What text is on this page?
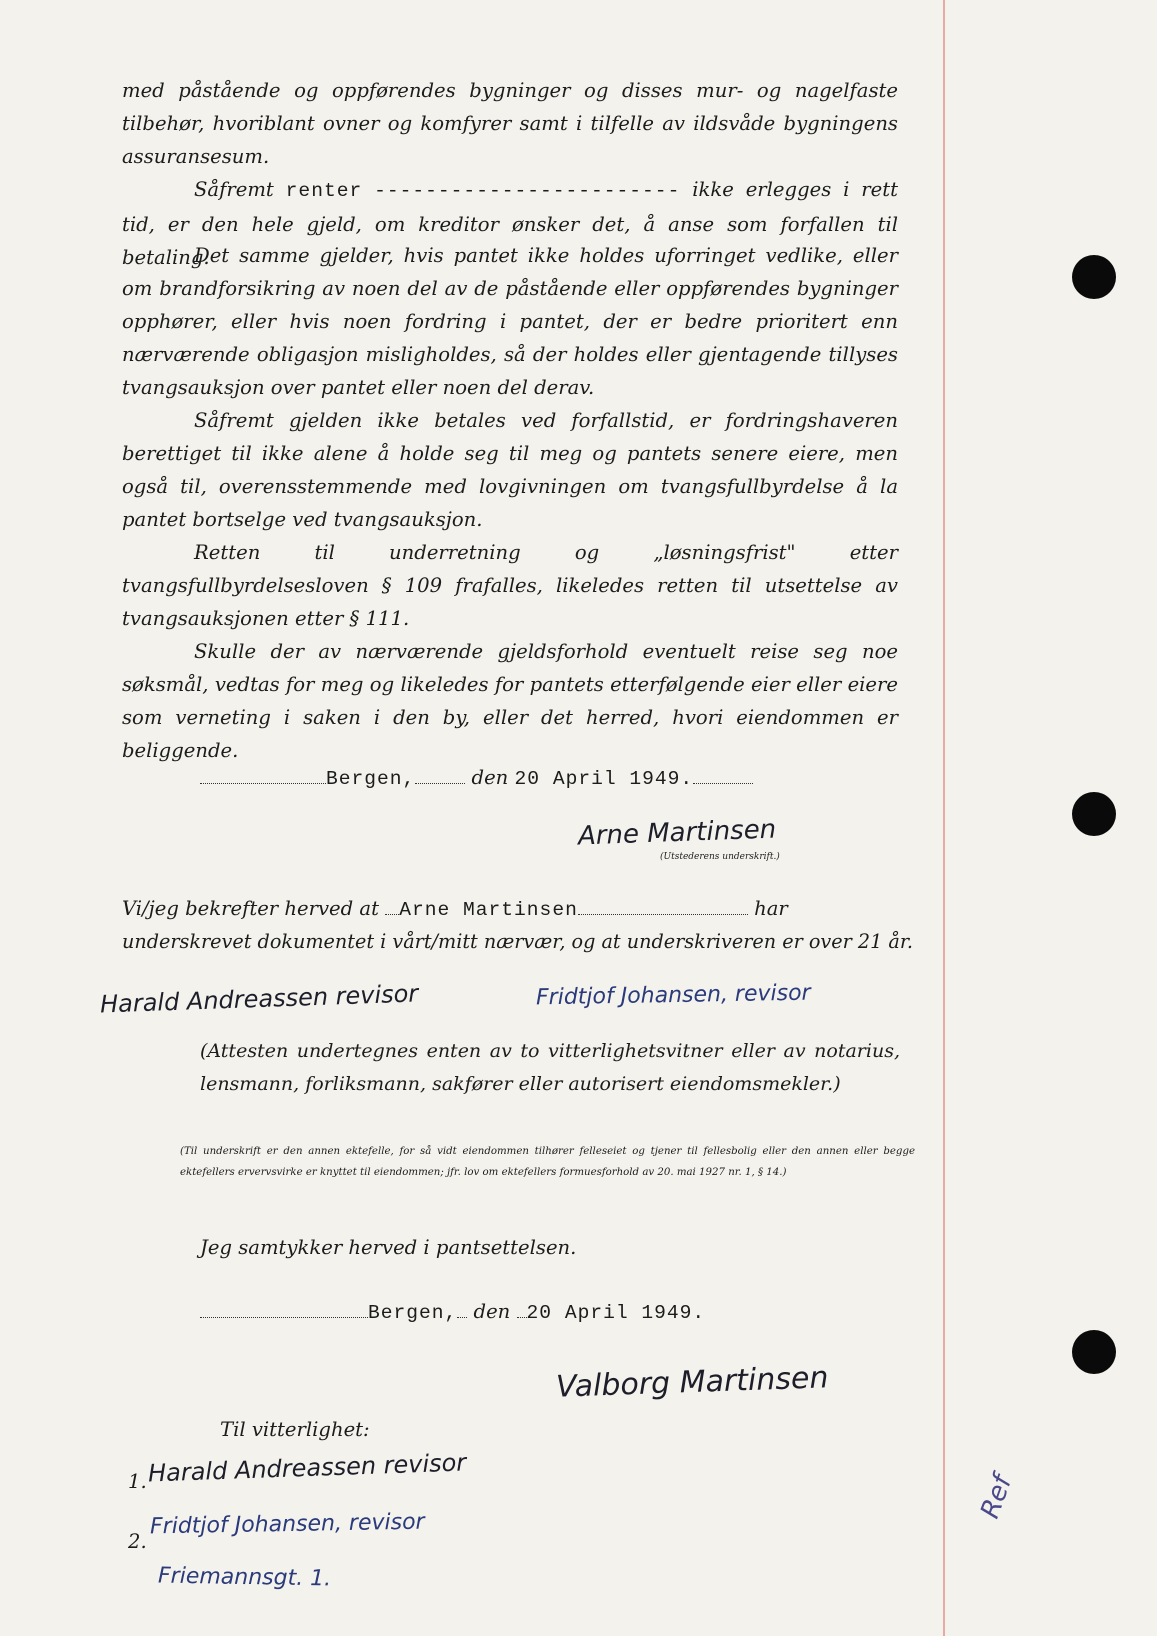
med påstående og oppførendes bygninger og disses mur- og nagelfaste tilbehør, hvoriblant ovner og komfyrer samt i tilfelle av ildsvåde bygningens assuransesum.

Såfremt renter ------------------------ ikke erlegges i rett tid, er den hele gjeld, om kreditor ønsker det, å anse som forfallen til betaling.

Det samme gjelder, hvis pantet ikke holdes uforringet vedlike, eller om brandforsikring av noen del av de påstående eller oppførendes bygninger opphører, eller hvis noen fordring i pantet, der er bedre prioritert enn nærværende obligasjon misligholdes, så der holdes eller gjentagende tillyses tvangsauksjon over pantet eller noen del derav.

Såfremt gjelden ikke betales ved forfallstid, er fordringshaveren berettiget til ikke alene å holde seg til meg og pantets senere eiere, men også til, overensstemmende med lovgivningen om tvangsfullbyrdelse å la pantet bortselge ved tvangsauksjon.

Retten til underretning og „løsningsfrist" etter tvangsfullbyrdelsesloven § 109 frafalles, likeledes retten til utsettelse av tvangsauksjonen etter § 111.

Skulle der av nærværende gjeldsforhold eventuelt reise seg noe søksmål, vedtas for meg og likeledes for pantets etterfølgende eier eller eiere som verneting i saken i den by, eller det herred, hvori eiendommen er beliggende.

Bergen,	den 20 April 1949.
Arne Martinsen
(Utstederens underskrift.)
Vi/jeg bekrefter herved at Arne Martinsen	har
underskrevet dokumentet i vårt/mitt nærvær, og at underskriveren er over 21 år.
Harald Andreassen revisor	Fridtjof Johansen, revisor

(Attesten undertegnes enten av to vitterlighetsvitner eller av notarius, lensmann, forliksmann, sakfører eller autorisert eiendomsmekler.)

(Til underskrift er den annen ektefelle, for så vidt eiendommen tilhører felleseiet og tjener til fellesbolig eller den annen eller begge ektefellers ervervsvirke er knyttet til eiendommen; jfr. lov om ektefellers formuesforhold av 20. mai 1927 nr. 1, § 14.)

Jeg samtykker herved i pantsettelsen.
Bergen, den 20 April 1949.
Valborg Martinsen
Til vitterlighet:
1. Harald Andreassen revisor
2.
Fridtjof Johansen, revisor
Friemannsgt. 1.
Ref
